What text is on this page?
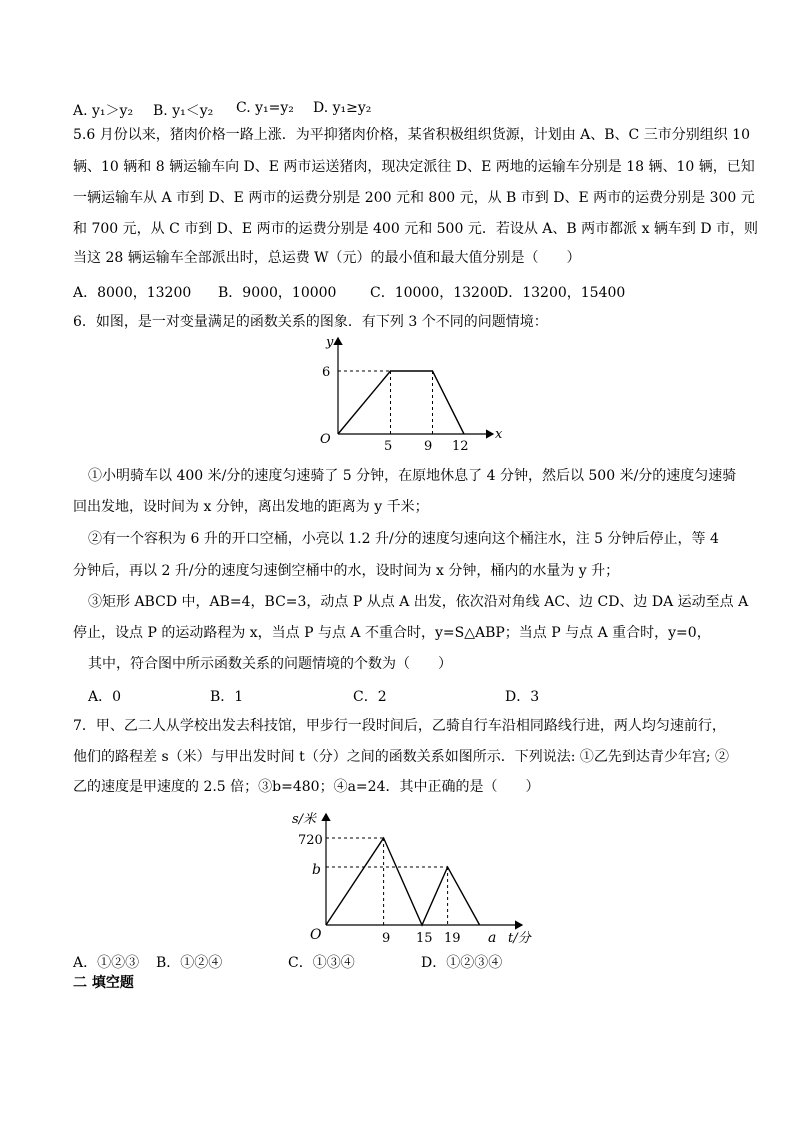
A. y₁＞y₂ B. y₁＜y₂ C. y₁=y₂ D. y₁≥y₂
5.6 月份以来，猪肉价格一路上涨．为平抑猪肉价格，某省积极组织货源，计划由 A、B、C 三市分别组织 10
辆、10 辆和 8 辆运输车向 D、E 两市运送猪肉，现决定派往 D、E 两地的运输车分别是 18 辆、10 辆，已知
一辆运输车从 A 市到 D、E 两市的运费分别是 200 元和 800 元，从 B 市到 D、E 两市的运费分别是 300 元
和 700 元，从 C 市到 D、E 两市的运费分别是 400 元和 500 元．若设从 A、B 两市都派 x 辆车到 D 市，则
当这 28 辆运输车全部派出时，总运费 W（元）的最小值和最大值分别是（　　）
A．8000，13200 B．9000，10000 C．10000，13200 D．13200，15400
6．如图，是一对变量满足的函数关系的图象．有下列 3 个不同的问题情境：
y
x
O
6
5 9 12
①小明骑车以 400 米/分的速度匀速骑了 5 分钟，在原地休息了 4 分钟，然后以 500 米/分的速度匀速骑
回出发地，设时间为 x 分钟，离出发地的距离为 y 千米；
②有一个容积为 6 升的开口空桶，小亮以 1.2 升/分的速度匀速向这个桶注水，注 5 分钟后停止，等 4
分钟后，再以 2 升/分的速度匀速倒空桶中的水，设时间为 x 分钟，桶内的水量为 y 升；
③矩形 ABCD 中，AB=4，BC=3，动点 P 从点 A 出发，依次沿对角线 AC、边 CD、边 DA 运动至点 A
停止，设点 P 的运动路程为 x，当点 P 与点 A 不重合时，y=S△ABP；当点 P 与点 A 重合时，y=0，
其中，符合图中所示函数关系的问题情境的个数为（　　）
A．0	B．1	C．2	D．3
7．甲、乙二人从学校出发去科技馆，甲步行一段时间后，乙骑自行车沿相同路线行进，两人均匀速前行，
他们的路程差 s（米）与甲出发时间 t（分）之间的函数关系如图所示．下列说法: ①乙先到达青少年宫; ②
乙的速度是甲速度的 2.5 倍；③b=480；④a=24．其中正确的是（　　）
s/米
t/分
O
720
b
9 15 19 a
A．①②③ B．①②④	C．①③④	D．①②③④
二 填空题
